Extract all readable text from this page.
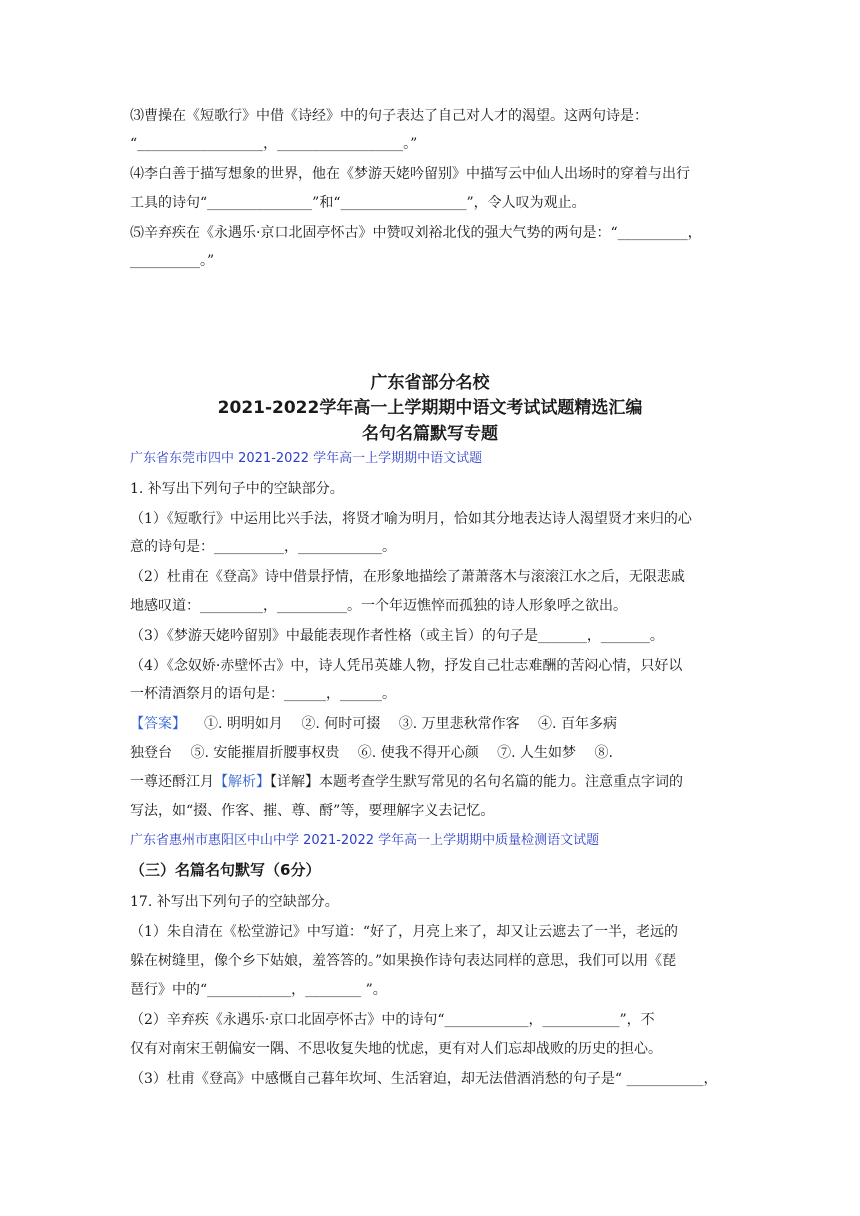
⑶曹操在《短歌行》中借《诗经》中的句子表达了自己对人才的渴望。这两句诗是：
“__________________，__________________。”
⑷李白善于描写想象的世界，他在《梦游天姥吟留别》中描写云中仙人出场时的穿着与出行
工具的诗句“_______________”和“__________________”，令人叹为观止。
⑸辛弃疾在《永遇乐·京口北固亭怀古》中赞叹刘裕北伐的强大气势的两句是：“__________，
__________。”
广东省部分名校
2021-2022学年高一上学期期中语文考试试题精选汇编
名句名篇默写专题
广东省东莞市四中 2021-2022 学年高一上学期期中语文试题
1. 补写出下列句子中的空缺部分。
（1）《短歌行》中运用比兴手法，将贤才喻为明月，恰如其分地表达诗人渴望贤才来归的心
意的诗句是：__________，____________。
（2）杜甫在《登高》诗中借景抒情，在形象地描绘了萧萧落木与滚滚江水之后，无限悲戚
地感叹道：_________，__________。一个年迈憔悴而孤独的诗人形象呼之欲出。
（3）《梦游天姥吟留别》中最能表现作者性格（或主旨）的句子是_______，_______。
（4）《念奴娇·赤壁怀古》中，诗人凭吊英雄人物，抒发自己壮志难酬的苦闷心情，只好以
一杯清酒祭月的语句是：______，______。
【答案】 ①. 明明如月　 ②. 何时可掇　 ③. 万里悲秋常作客　 ④. 百年多病
独登台　 ⑤. 安能摧眉折腰事权贵　 ⑥. 使我不得开心颜　 ⑦. 人生如梦　 ⑧.
一尊还酹江月【解析】【详解】本题考查学生默写常见的名句名篇的能力。注意重点字词的
写法，如“掇、作客、摧、尊、酹”等，要理解字义去记忆。
广东省惠州市惠阳区中山中学 2021-2022 学年高一上学期期中质量检测语文试题
（三）名篇名句默写（6分）
17. 补写出下列句子的空缺部分。
（1）朱自清在《松堂游记》中写道：“好了，月亮上来了，却又让云遮去了一半，老远的
躲在树缝里，像个乡下姑娘，羞答答的。”如果换作诗句表达同样的意思，我们可以用《琵
琶行》中的“____________，________ ”。
（2）辛弃疾《永遇乐·京口北固亭怀古》中的诗句“____________，___________”，不
仅有对南宋王朝偏安一隅、不思收复失地的忧虑，更有对人们忘却战败的历史的担心。
（3）杜甫《登高》中感慨自己暮年坎坷、生活窘迫，却无法借酒消愁的句子是“ ___________，
